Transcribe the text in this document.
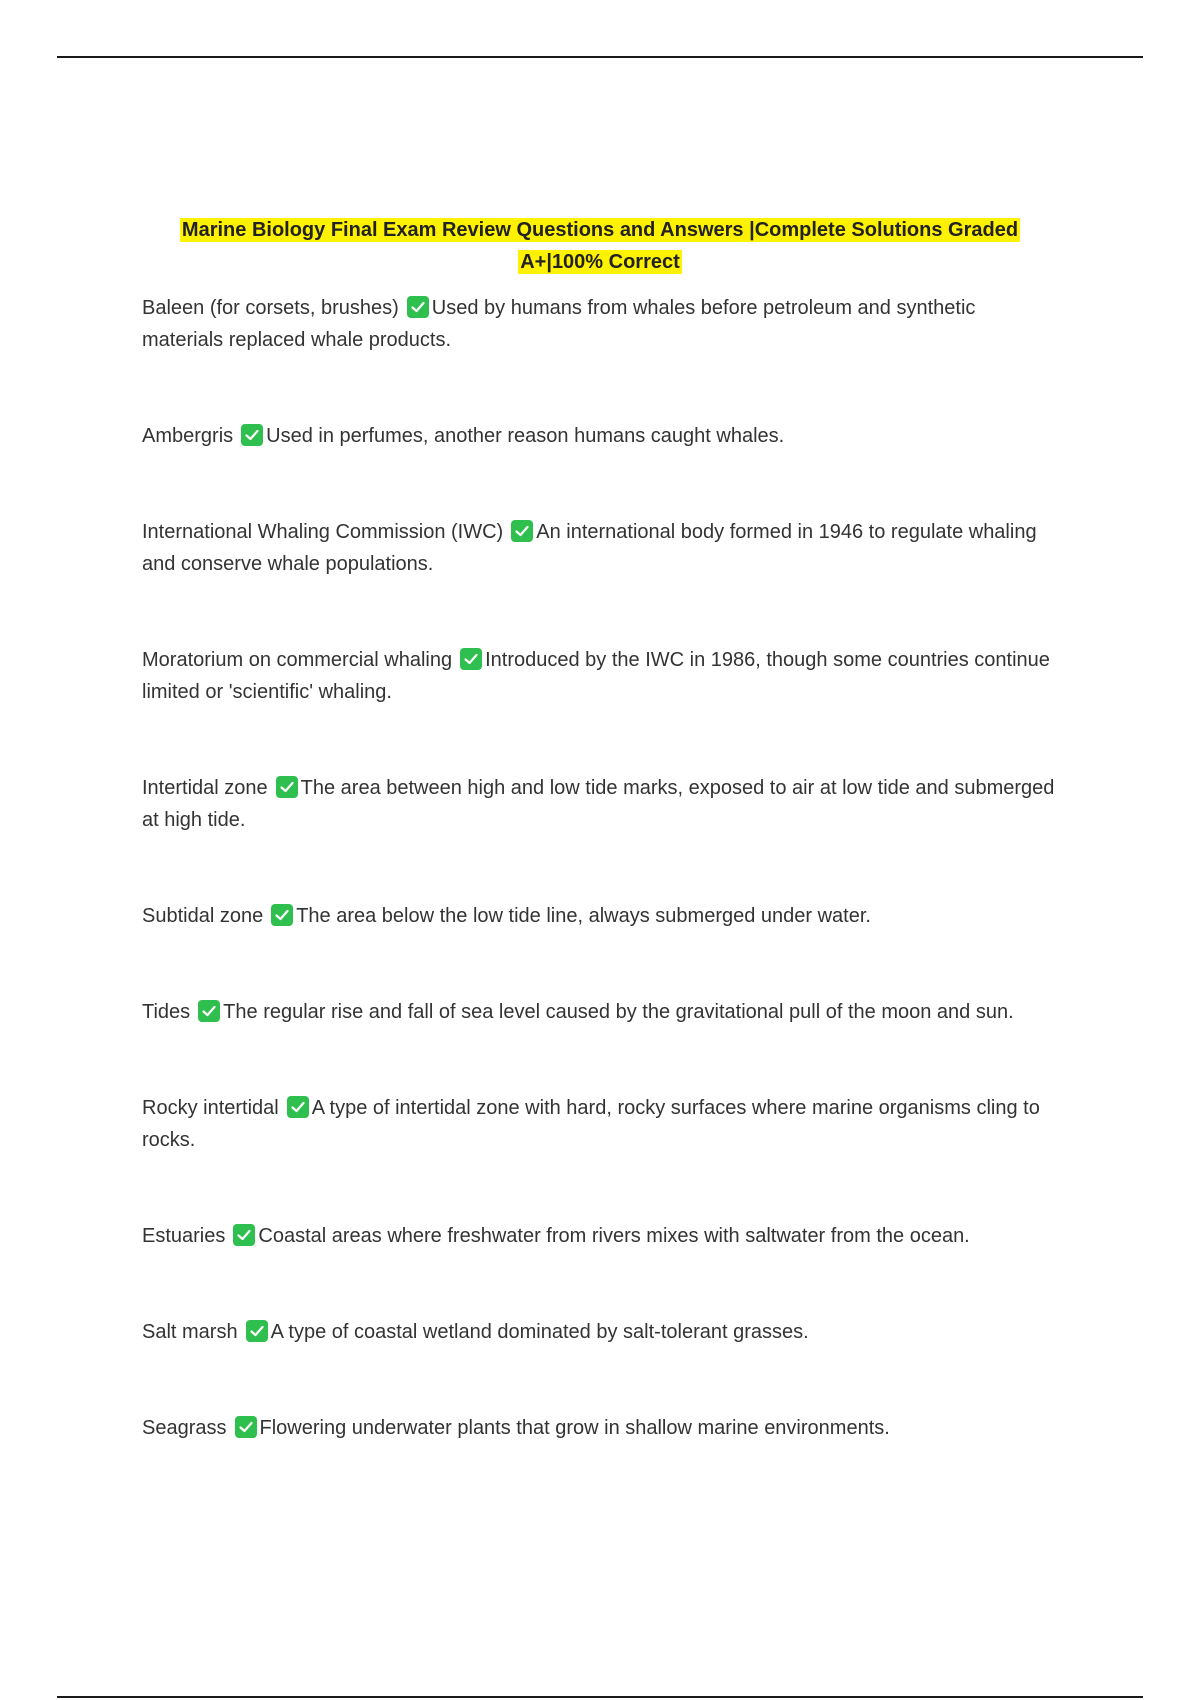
Marine Biology Final Exam Review Questions and Answers |Complete Solutions Graded
A+|100% Correct
Baleen (for corsets, brushes) Used by humans from whales before petroleum and synthetic materials replaced whale products.
Ambergris Used in perfumes, another reason humans caught whales.
International Whaling Commission (IWC) An international body formed in 1946 to regulate whaling and conserve whale populations.
Moratorium on commercial whaling Introduced by the IWC in 1986, though some countries continue limited or 'scientific' whaling.
Intertidal zone The area between high and low tide marks, exposed to air at low tide and submerged at high tide.
Subtidal zone The area below the low tide line, always submerged under water.
Tides The regular rise and fall of sea level caused by the gravitational pull of the moon and sun.
Rocky intertidal A type of intertidal zone with hard, rocky surfaces where marine organisms cling to rocks.
Estuaries Coastal areas where freshwater from rivers mixes with saltwater from the ocean.
Salt marsh A type of coastal wetland dominated by salt-tolerant grasses.
Seagrass Flowering underwater plants that grow in shallow marine environments.
